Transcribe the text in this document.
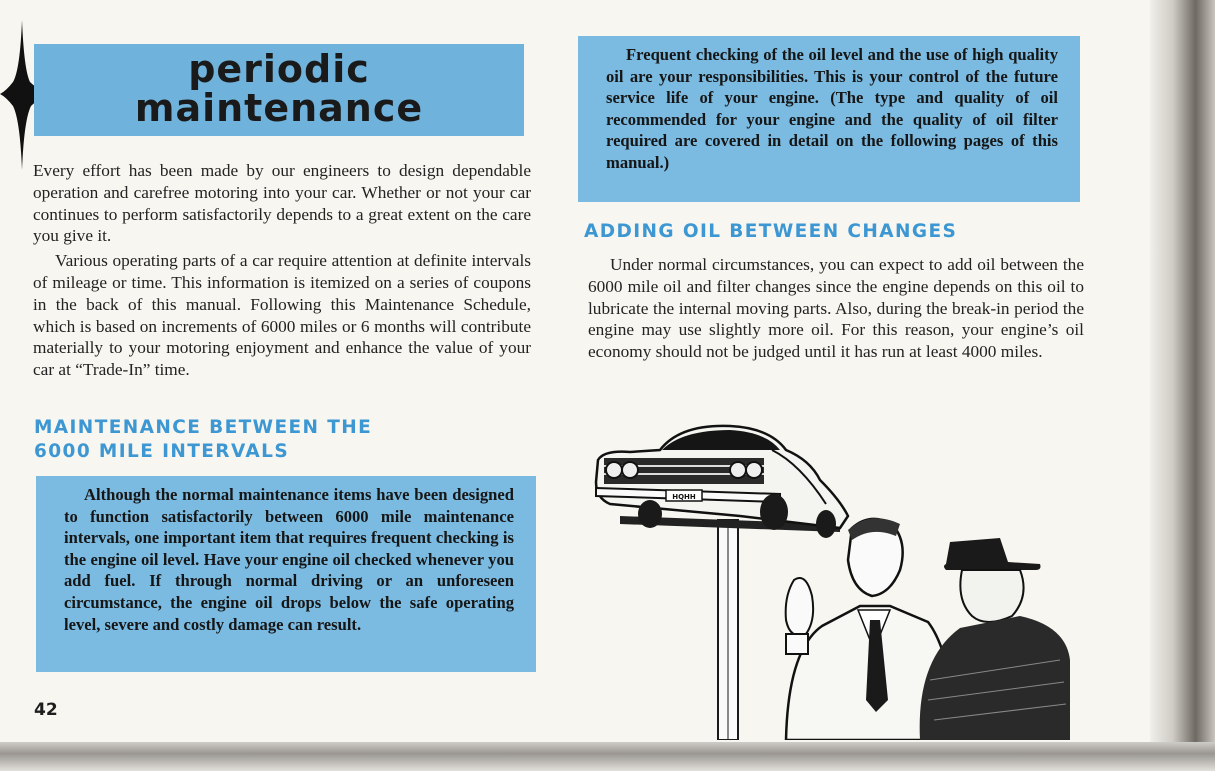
periodic
maintenance

Every effort has been made by our engineers to design dependable operation and carefree motoring into your car. Whether or not your car continues to perform satisfactorily depends to a great extent on the care you give it.

Various operating parts of a car require attention at definite intervals of mileage or time. This information is itemized on a series of coupons in the back of this manual. Following this Maintenance Schedule, which is based on increments of 6000 miles or 6 months will contribute materially to your motoring enjoyment and enhance the value of your car at “Trade-In” time.

MAINTENANCE BETWEEN THE
6000 MILE INTERVALS

Although the normal maintenance items have been designed to function satisfactorily between 6000 mile maintenance intervals, one important item that requires frequent checking is the engine oil level. Have your engine oil checked whenever you add fuel. If through normal driving or an unforeseen circumstance, the engine oil drops below the safe operating level, severe and costly damage can result.

Frequent checking of the oil level and the use of high quality oil are your responsibilities. This is your control of the future service life of your engine. (The type and quality of oil recommended for your engine and the quality of oil filter required are covered in detail on the following pages of this manual.)

ADDING OIL BETWEEN CHANGES

Under normal circumstances, you can expect to add oil between the 6000 mile oil and filter changes since the engine depends on this oil to lubricate the internal moving parts. Also, during the break-in period the engine may use slightly more oil. For this reason, your engine’s oil economy should not be judged until it has run at least 4000 miles.

HQHH
42
